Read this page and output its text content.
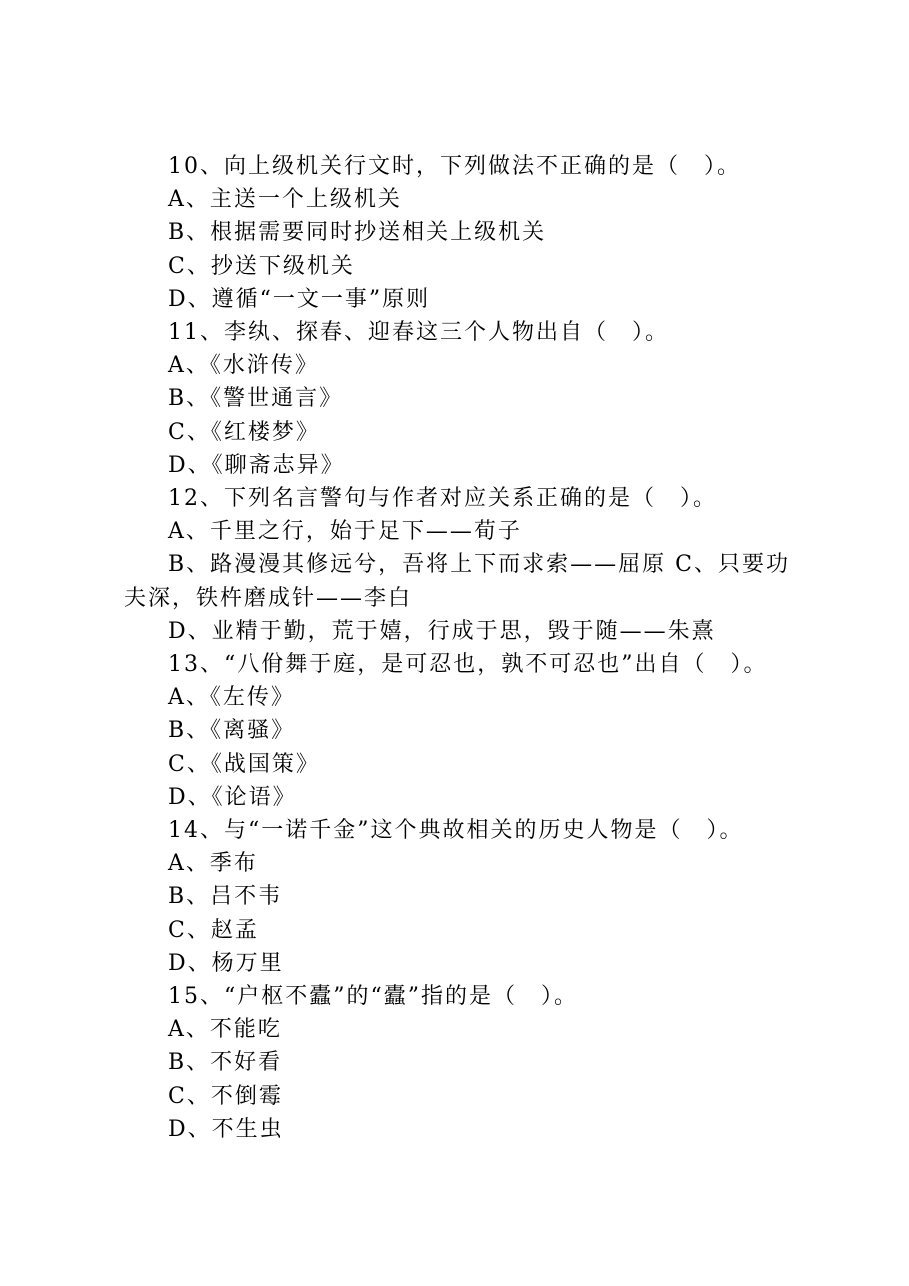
10、向上级机关行文时，下列做法不正确的是（　）。
A、主送一个上级机关
B、根据需要同时抄送相关上级机关
C、抄送下级机关
D、遵循“一文一事”原则
11、李纨、探春、迎春这三个人物出自（　）。
A、《水浒传》
B、《警世通言》
C、《红楼梦》
D、《聊斋志异》
12、下列名言警句与作者对应关系正确的是（　）。
A、千里之行，始于足下——荀子
B、路漫漫其修远兮，吾将上下而求索——屈原 C、只要功夫深，铁杵磨成针——李白
D、业精于勤，荒于嬉，行成于思，毁于随——朱熹
13、“八佾舞于庭，是可忍也，孰不可忍也”出自（　）。
A、《左传》
B、《离骚》
C、《战国策》
D、《论语》
14、与“一诺千金”这个典故相关的历史人物是（　）。
A、季布
B、吕不韦
C、赵孟
D、杨万里
15、“户枢不蠹”的“蠹”指的是（　）。
A、不能吃
B、不好看
C、不倒霉
D、不生虫
